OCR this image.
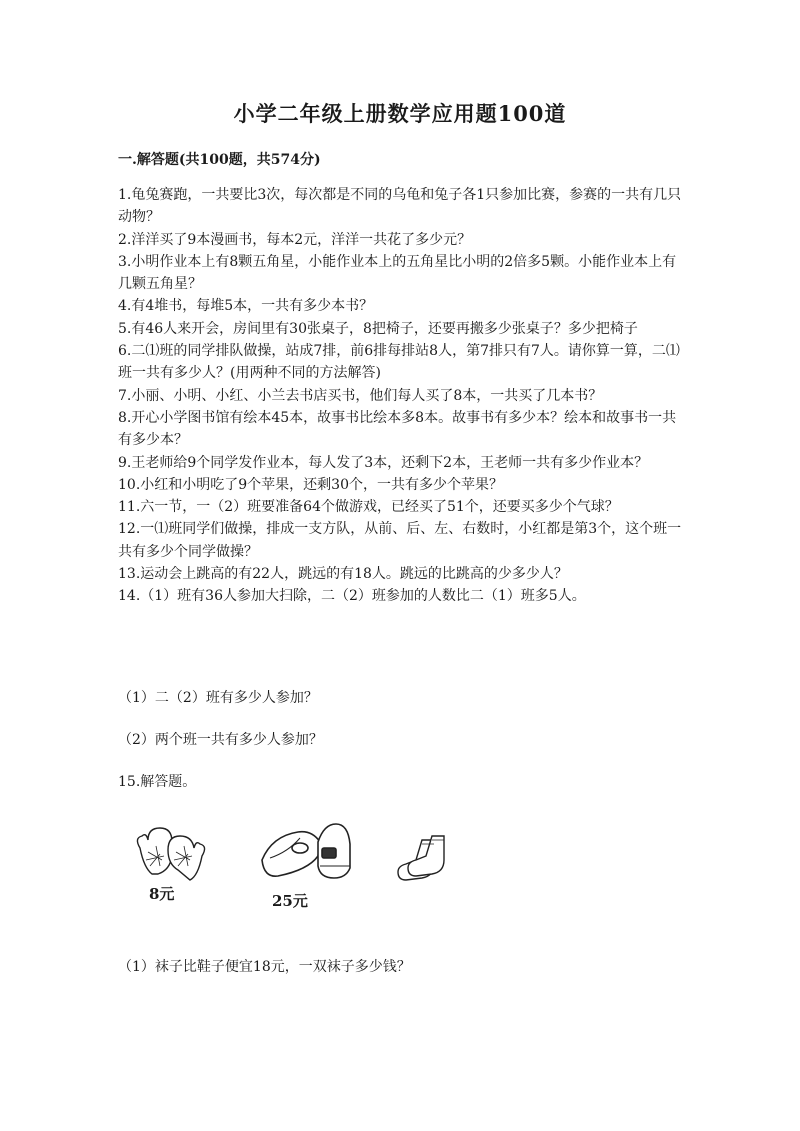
小学二年级上册数学应用题100道
一.解答题(共100题，共574分)

1.龟兔赛跑，一共要比3次，每次都是不同的乌龟和兔子各1只参加比赛，参赛的一共有几只动物？

2.洋洋买了9本漫画书，每本2元，洋洋一共花了多少元？

3.小明作业本上有8颗五角星，小能作业本上的五角星比小明的2倍多5颗。小能作业本上有几颗五角星？

4.有4堆书，每堆5本，一共有多少本书？

5.有46人来开会，房间里有30张桌子，8把椅子，还要再搬多少张桌子？多少把椅子

6.二⑴班的同学排队做操，站成7排，前6排每排站8人，第7排只有7人。请你算一算，二⑴班一共有多少人？(用两种不同的方法解答)

7.小丽、小明、小红、小兰去书店买书，他们每人买了8本，一共买了几本书？

8.开心小学图书馆有绘本45本，故事书比绘本多8本。故事书有多少本？绘本和故事书一共有多少本？

9.王老师给9个同学发作业本，每人发了3本，还剩下2本，王老师一共有多少作业本？

10.小红和小明吃了9个苹果，还剩30个，一共有多少个苹果？

11.六一节，一（2）班要准备64个做游戏，已经买了51个，还要买多少个气球？

12.一⑴班同学们做操，排成一支方队，从前、后、左、右数时，小红都是第3个，这个班一共有多少个同学做操？

13.运动会上跳高的有22人，跳远的有18人。跳远的比跳高的少多少人？

14.（1）班有36人参加大扫除，二（2）班参加的人数比二（1）班多5人。

（1）二（2）班有多少人参加？
（2）两个班一共有多少人参加？
15.解答题。
8元	25元
（1）袜子比鞋子便宜18元，一双袜子多少钱？
